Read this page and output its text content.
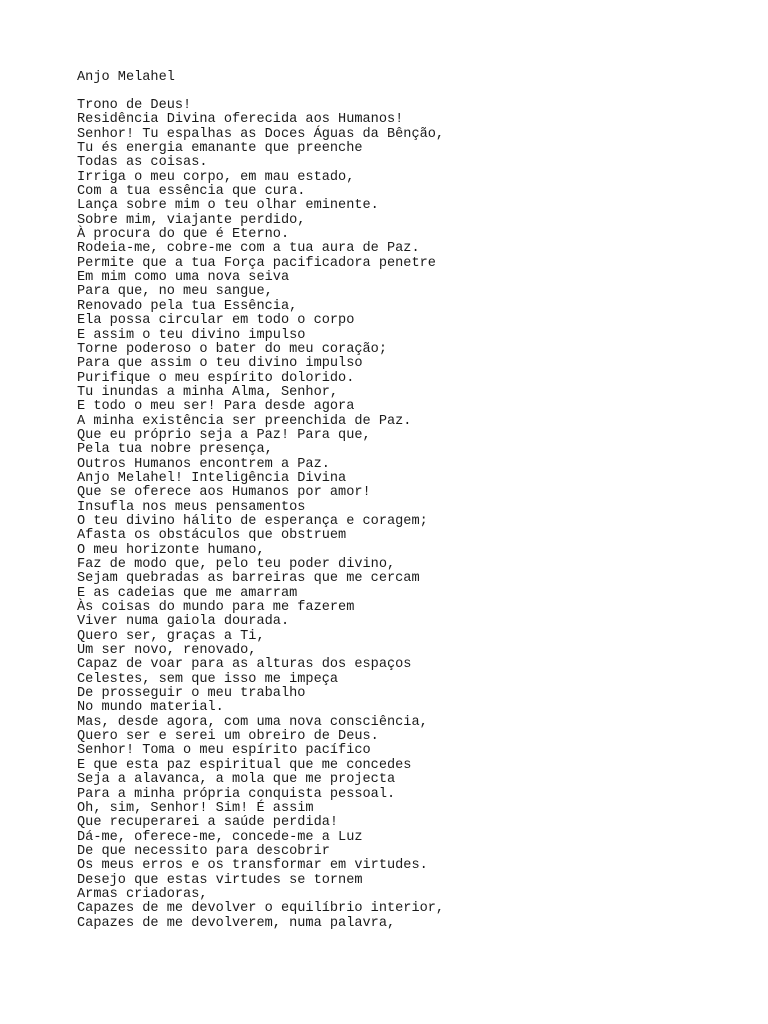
Anjo Melahel
Trono de Deus!
Residência Divina oferecida aos Humanos!
Senhor! Tu espalhas as Doces Águas da Bênção,
Tu és energia emanante que preenche
Todas as coisas.
Irriga o meu corpo, em mau estado,
Com a tua essência que cura.
Lança sobre mim o teu olhar eminente.
Sobre mim, viajante perdido,
À procura do que é Eterno.
Rodeia-me, cobre-me com a tua aura de Paz.
Permite que a tua Força pacificadora penetre
Em mim como uma nova seiva
Para que, no meu sangue,
Renovado pela tua Essência,
Ela possa circular em todo o corpo
E assim o teu divino impulso
Torne poderoso o bater do meu coração;
Para que assim o teu divino impulso
Purifique o meu espírito dolorido.
Tu inundas a minha Alma, Senhor,
E todo o meu ser! Para desde agora
A minha existência ser preenchida de Paz.
Que eu próprio seja a Paz! Para que,
Pela tua nobre presença,
Outros Humanos encontrem a Paz.
Anjo Melahel! Inteligência Divina
Que se oferece aos Humanos por amor!
Insufla nos meus pensamentos
O teu divino hálito de esperança e coragem;
Afasta os obstáculos que obstruem
O meu horizonte humano,
Faz de modo que, pelo teu poder divino,
Sejam quebradas as barreiras que me cercam
E as cadeias que me amarram
Às coisas do mundo para me fazerem
Viver numa gaiola dourada.
Quero ser, graças a Ti,
Um ser novo, renovado,
Capaz de voar para as alturas dos espaços
Celestes, sem que isso me impeça
De prosseguir o meu trabalho
No mundo material.
Mas, desde agora, com uma nova consciência,
Quero ser e serei um obreiro de Deus.
Senhor! Toma o meu espírito pacífico
E que esta paz espiritual que me concedes
Seja a alavanca, a mola que me projecta
Para a minha própria conquista pessoal.
Oh, sim, Senhor! Sim! É assim
Que recuperarei a saúde perdida!
Dá-me, oferece-me, concede-me a Luz
De que necessito para descobrir
Os meus erros e os transformar em virtudes.
Desejo que estas virtudes se tornem
Armas criadoras,
Capazes de me devolver o equilíbrio interior,
Capazes de me devolverem, numa palavra,
